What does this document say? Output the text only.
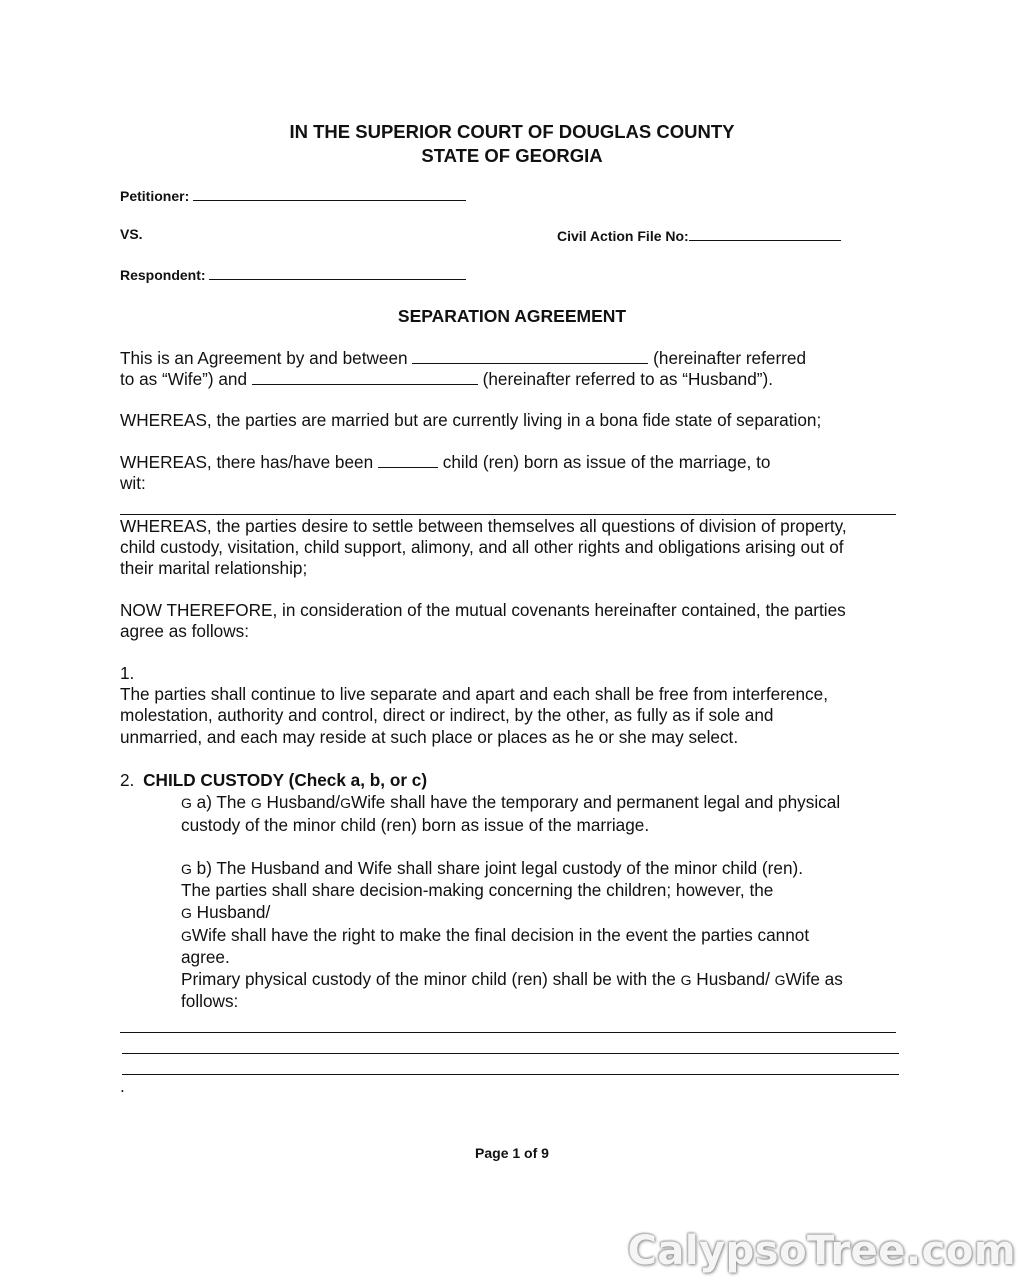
IN THE SUPERIOR COURT OF DOUGLAS COUNTY
STATE OF GEORGIA
Petitioner:
VS.	Civil Action File No:
Respondent:
SEPARATION AGREEMENT
This is an Agreement by and between	(hereinafter referred
to as “Wife”) and	(hereinafter referred to as “Husband”).
WHEREAS, the parties are married but are currently living in a bona fide state of separation;
WHEREAS, there has/have been	child (ren) born as issue of the marriage, to
wit:
WHEREAS, the parties desire to settle between themselves all questions of division of property,
child custody, visitation, child support, alimony, and all other rights and obligations arising out of
their marital relationship;
NOW THEREFORE, in consideration of the mutual covenants hereinafter contained, the parties
agree as follows:
1.
The parties shall continue to live separate and apart and each shall be free from interference,
molestation, authority and control, direct or indirect, by the other, as fully as if sole and
unmarried, and each may reside at such place or places as he or she may select.
2. CHILD CUSTODY (Check a, b, or c)
G a) The G Husband/GWife shall have the temporary and permanent legal and physical
custody of the minor child (ren) born as issue of the marriage.
G b) The Husband and Wife shall share joint legal custody of the minor child (ren).
The parties shall share decision-making concerning the children; however, the
G Husband/
GWife shall have the right to make the final decision in the event the parties cannot
agree.
Primary physical custody of the minor child (ren) shall be with the G Husband/ GWife as
follows:
.
Page 1 of 9
CalypsoTree.com
